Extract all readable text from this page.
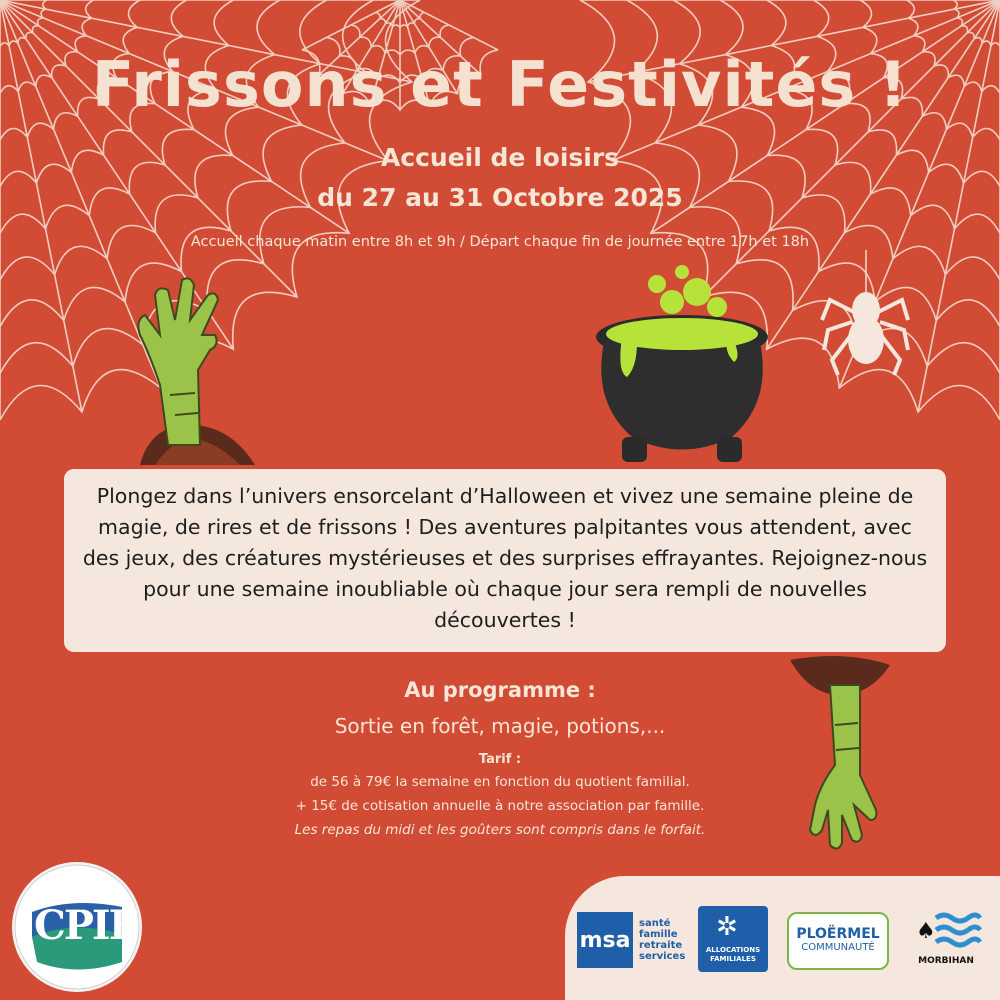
Frissons et Festivités !
Accueil de loisirs
du 27 au 31 Octobre 2025
Accueil chaque matin entre 8h et 9h / Départ chaque fin de journée entre 17h et 18h
Plongez dans l’univers ensorcelant d’Halloween et vivez une semaine pleine de magie, de rires et de frissons ! Des aventures palpitantes vous attendent, avec des jeux, des créatures mystérieuses et des surprises effrayantes. Rejoignez-nous pour une semaine inoubliable où chaque jour sera rempli de nouvelles découvertes !
Au programme :
Sortie en forêt, magie, potions,...
Tarif :
de 56 à 79€ la semaine en fonction du quotient familial.
+ 15€ de cotisation annuelle à notre association par famille.
Les repas du midi et les goûters sont compris dans le forfait.
CPIE	msa
santé
famille
retraite
services
✲
ALLOCATIONS FAMILIALES
PLOËRMEL
COMMUNAUTÉ
♠
MORBIHAN
